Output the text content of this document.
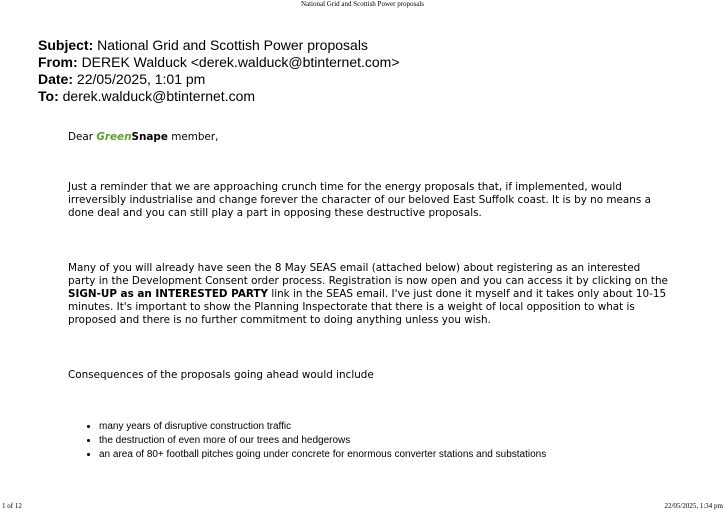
National Grid and Scottish Power proposals
Subject: National Grid and Scottish Power proposals
From: DEREK Walduck <derek.walduck@btinternet.com>
Date: 22/05/2025, 1:01 pm
To: derek.walduck@btinternet.com
Dear GreenSnape member,
Just a reminder that we are approaching crunch time for the energy proposals that, if implemented, would irreversibly industrialise and change forever the character of our beloved East Suffolk coast. It is by no means a done deal and you can still play a part in opposing these destructive proposals.
Many of you will already have seen the 8 May SEAS email (attached below) about registering as an interested party in the Development Consent order process. Registration is now open and you can access it by clicking on the SIGN-UP as an INTERESTED PARTY link in the SEAS email. I've just done it myself and it takes only about 10-15 minutes. It's important to show the Planning Inspectorate that there is a weight of local opposition to what is proposed and there is no further commitment to doing anything unless you wish.
Consequences of the proposals going ahead would include
• many years of disruptive construction traffic
• the destruction of even more of our trees and hedgerows
• an area of 80+ football pitches going under concrete for enormous converter stations and substations
1 of 12	22/05/2025, 1:34 pm
